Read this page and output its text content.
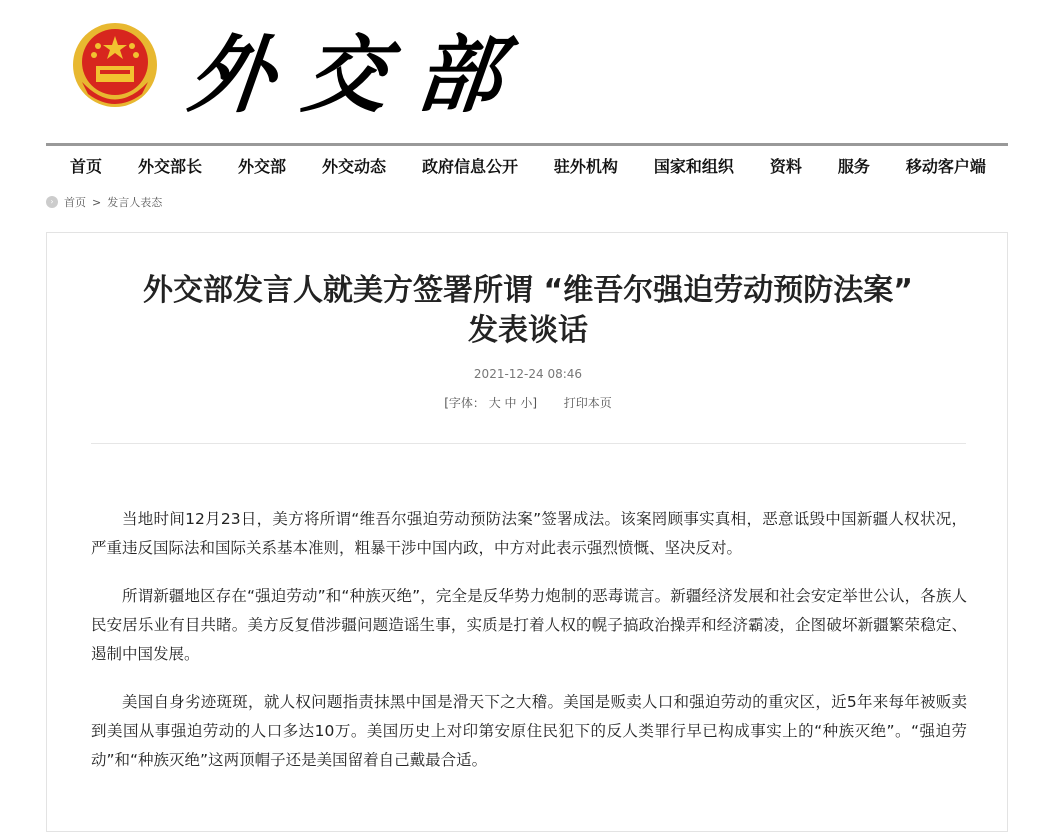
外交部
首页 外交部长 外交部 外交动态 政府信息公开 驻外机构 国家和组织 资料 服务 移动客户端
› 首页 > 发言人表态
外交部发言人就美方签署所谓 “维吾尔强迫劳动预防法案”
发表谈话
2021-12-24 08:46
[字体： 大 中 小] 打印本页

当地时间12月23日，美方将所谓“维吾尔强迫劳动预防法案”签署成法。该案罔顾事实真相，恶意诋毁中国新疆人权状况，严重违反国际法和国际关系基本准则，粗暴干涉中国内政，中方对此表示强烈愤慨、坚决反对。

所谓新疆地区存在“强迫劳动”和“种族灭绝”，完全是反华势力炮制的恶毒谎言。新疆经济发展和社会安定举世公认，各族人民安居乐业有目共睹。美方反复借涉疆问题造谣生事，实质是打着人权的幌子搞政治操弄和经济霸凌，企图破坏新疆繁荣稳定、遏制中国发展。

美国自身劣迹斑斑，就人权问题指责抹黑中国是滑天下之大稽。美国是贩卖人口和强迫劳动的重灾区，近5年来每年被贩卖到美国从事强迫劳动的人口多达10万。美国历史上对印第安原住民犯下的反人类罪行早已构成事实上的“种族灭绝”。“强迫劳动”和“种族灭绝”这两顶帽子还是美国留着自己戴最合适。
